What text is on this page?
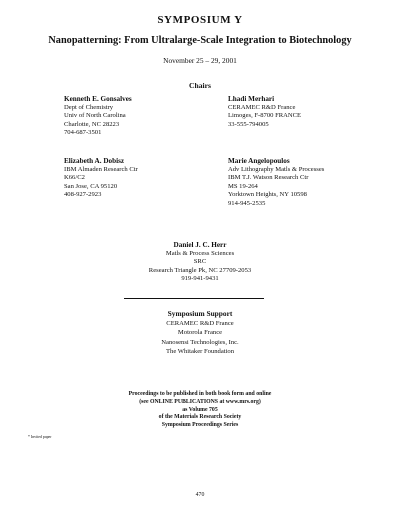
SYMPOSIUM Y
Nanopatterning: From Ultralarge-Scale Integration to Biotechnology
November 25 – 29, 2001
Chairs
Kenneth E. Gonsalves
Dept of Chemistry
Univ of North Carolina
Charlotte, NC 28223
704-687-3501
Lhadi Merhari
CERAMEC R&D France
Limoges, F-8700 FRANCE
33-555-794005
Elizabeth A. Dobisz
IBM Almaden Research Ctr
K66/C2
San Jose, CA 95120
408-927-2923
Marie Angelopoulos
Adv Lithography Matls & Processes
IBM T.J. Watson Research Ctr
MS 19-264
Yorktown Heights, NY 10598
914-945-2535
Daniel J. C. Herr
Matls & Process Sciences
SRC
Research Triangle Pk, NC 27709-2053
919-941-9431
Symposium Support
CERAMEC R&D France
Motorola France
Nanosensi Technologies, Inc.
The Whitaker Foundation
Proceedings to be published in both book form and online
(see ONLINE PUBLICATIONS at www.mrs.org)
as Volume 705
of the Materials Research Society
Symposium Proceedings Series
* Invited paper
470
